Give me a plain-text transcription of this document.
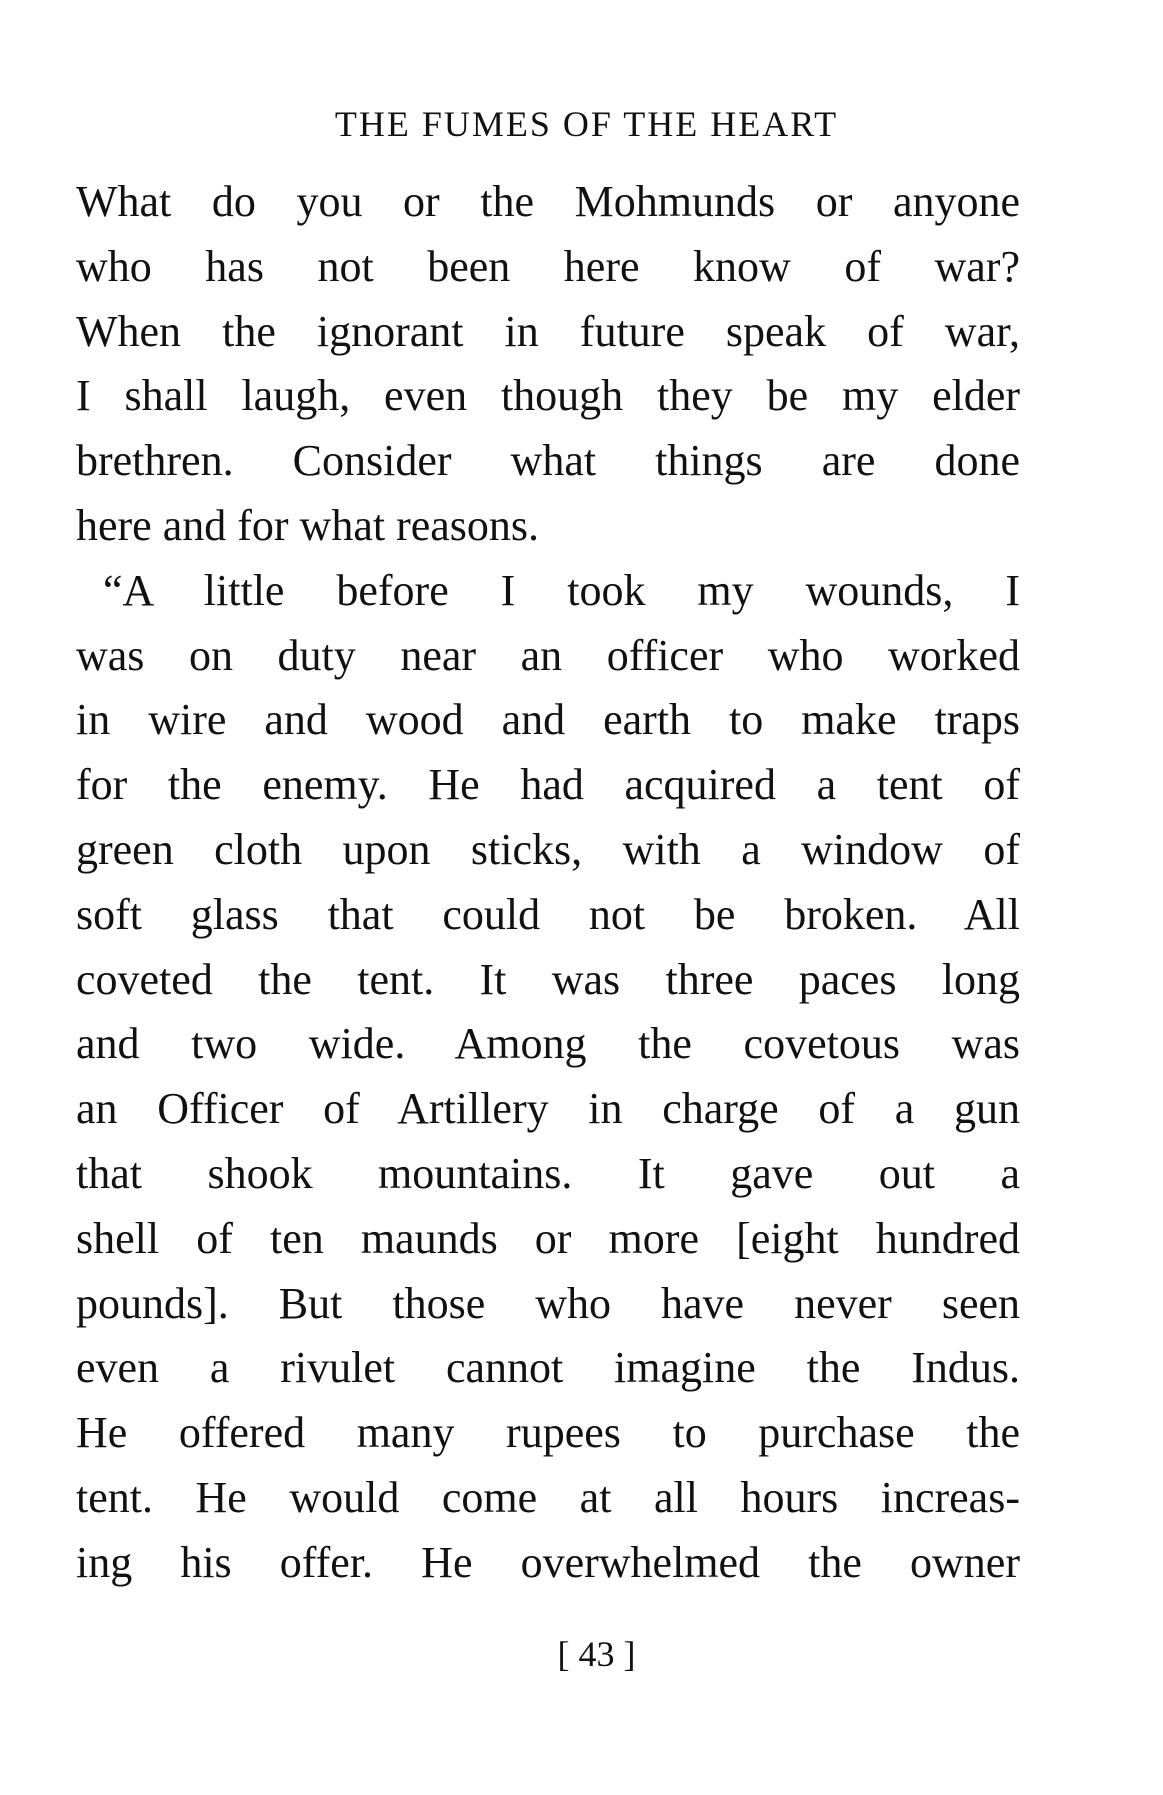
THE FUMES OF THE HEART
What do you or the Mohmunds or anyone
who has not been here know of war?
When the ignorant in future speak of war,
I shall laugh, even though they be my elder
brethren. Consider what things are done
here and for what reasons.
“A little before I took my wounds, I
was on duty near an officer who worked
in wire and wood and earth to make traps
for the enemy. He had acquired a tent of
green cloth upon sticks, with a window of
soft glass that could not be broken. All
coveted the tent. It was three paces long
and two wide. Among the covetous was
an Officer of Artillery in charge of a gun
that shook mountains. It gave out a
shell of ten maunds or more [eight hundred
pounds]. But those who have never seen
even a rivulet cannot imagine the Indus.
He offered many rupees to purchase the
tent. He would come at all hours increas-
ing his offer. He overwhelmed the owner
[ 43 ]
